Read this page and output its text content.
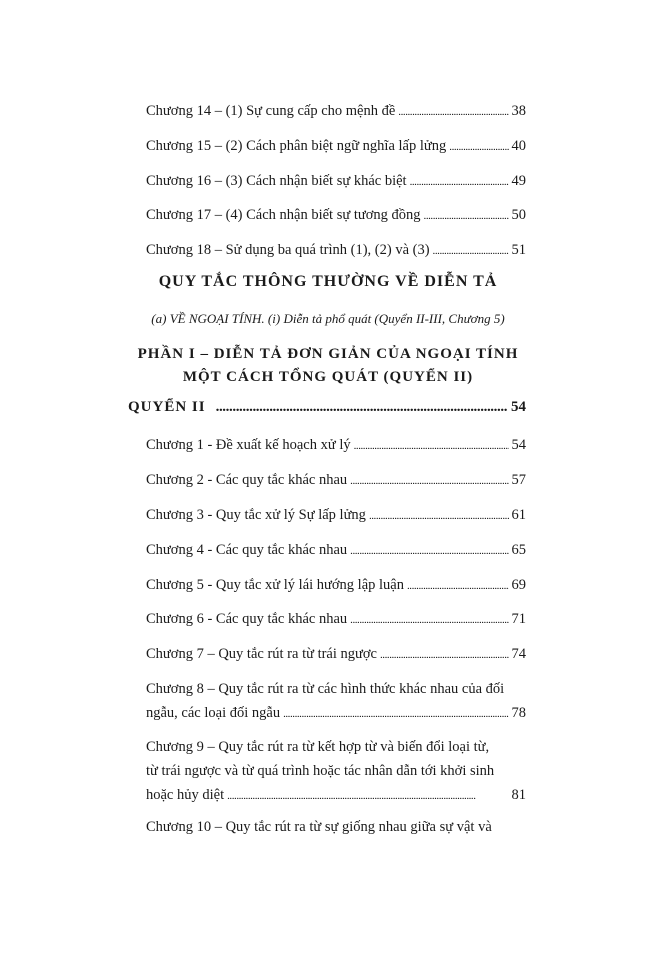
Chương 14 – (1) Sự cung cấp cho mệnh đề . . .	38
Chương 15 – (2) Cách phân biệt ngữ nghĩa lấp lửng . . .	40
Chương 16 – (3) Cách nhận biết sự khác biệt . . .	49
Chương 17 – (4) Cách nhận biết sự tương đồng . . .	50
Chương 18 – Sử dụng ba quá trình (1), (2) và (3) . . .	51
QUY TẮC THÔNG THƯỜNG VỀ DIỄN TẢ
(a) VỀ NGOẠI TÍNH. (i) Diễn tả phổ quát (Quyển II-III, Chương 5)
PHẦN I – DIỄN TẢ ĐƠN GIẢN CỦA NGOẠI TÍNH
MỘT CÁCH TỔNG QUÁT (QUYỂN II)
QUYỂN II .....	54
Chương 1 - Đề xuất kế hoạch xử lý . . .	54
Chương 2 - Các quy tắc khác nhau . . .	57
Chương 3 - Quy tắc xử lý Sự lấp lửng . . .	61
Chương 4 - Các quy tắc khác nhau . . .	65
Chương 5 - Quy tắc xử lý lái hướng lập luận . . .	69
Chương 6 - Các quy tắc khác nhau . . .	71
Chương 7 – Quy tắc rút ra từ trái ngược . . .	74
Chương 8 – Quy tắc rút ra từ các hình thức khác nhau của đối
ngẫu, các loại đối ngẫu . . .	78
Chương 9 – Quy tắc rút ra từ kết hợp từ và biến đổi loại từ,
từ trái ngược và từ quá trình hoặc tác nhân dẫn tới khởi sinh
hoặc hủy diệt . . .	81
Chương 10 – Quy tắc rút ra từ sự giống nhau giữa sự vật và
